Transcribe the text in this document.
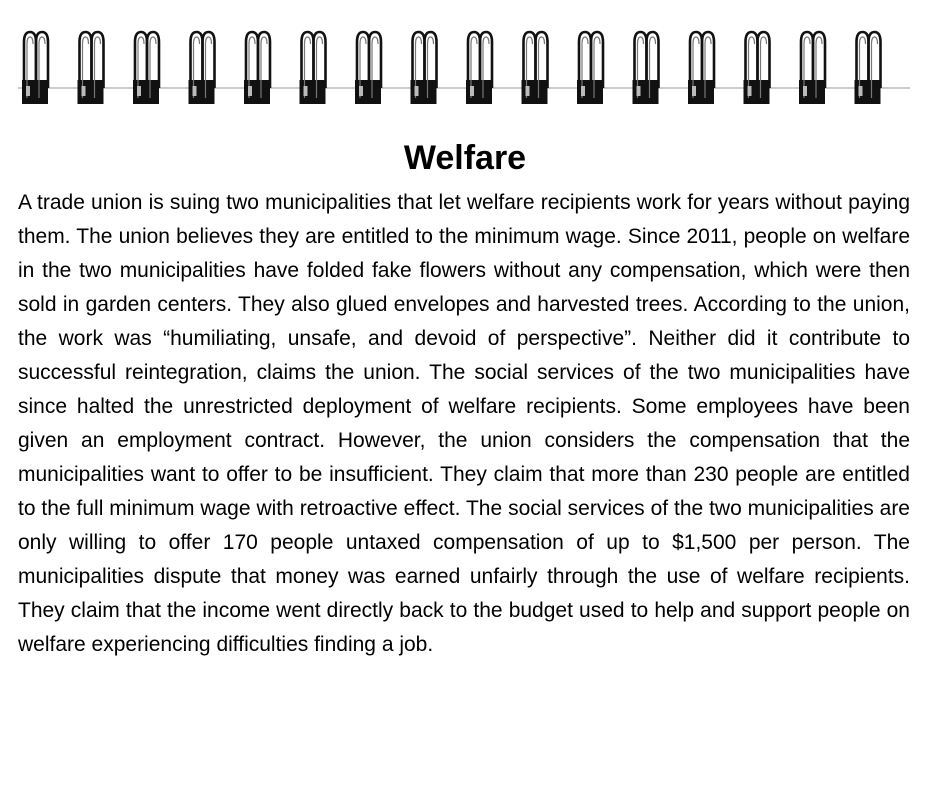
Welfare

A trade union is suing two municipalities that let welfare recipients work for years without paying them. The union believes they are entitled to the minimum wage. Since 2011, people on welfare in the two municipalities have folded fake flowers without any compensation, which were then sold in garden centers. They also glued envelopes and harvested trees. According to the union, the work was “humiliating, unsafe, and devoid of perspective”. Neither did it contribute to successful reintegration, claims the union. The social services of the two municipalities have since halted the unrestricted deployment of welfare recipients. Some employees have been given an employment contract. However, the union considers the compensation that the municipalities want to offer to be insufficient. They claim that more than 230 people are entitled to the full minimum wage with retroactive effect. The social services of the two municipalities are only willing to offer 170 people untaxed compensation of up to $1,500 per person. The municipalities dispute that money was earned unfairly through the use of welfare recipients. They claim that the income went directly back to the budget used to help and support people on welfare experiencing difficulties finding a job.
